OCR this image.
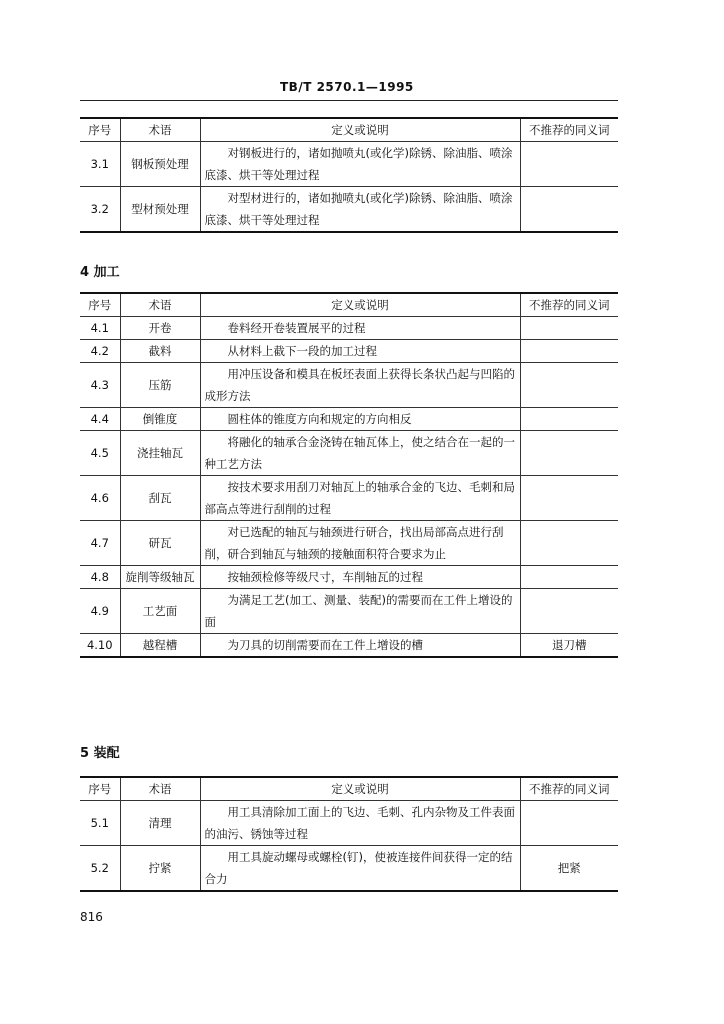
TB/T 2570.1—1995
序号	术语	定义或说明	不推荐的同义词
3.1	钢板预处理	对钢板进行的，诸如抛喷丸(或化学)除锈、除油脂、喷涂底漆、烘干等处理过程	
3.2	型材预处理	对型材进行的，诸如抛喷丸(或化学)除锈、除油脂、喷涂底漆、烘干等处理过程	
4 加工
序号	术语	定义或说明	不推荐的同义词
4.1	开卷	卷料经开卷装置展平的过程	
4.2	截料	从材料上截下一段的加工过程	
4.3	压筋	用冲压设备和模具在板坯表面上获得长条状凸起与凹陷的成形方法	
4.4	倒锥度	圆柱体的锥度方向和规定的方向相反	
4.5	浇挂轴瓦	将融化的轴承合金浇铸在轴瓦体上，使之结合在一起的一种工艺方法	
4.6	刮瓦	按技术要求用刮刀对轴瓦上的轴承合金的飞边、毛刺和局部高点等进行刮削的过程	
4.7	研瓦	对已选配的轴瓦与轴颈进行研合，找出局部高点进行刮削，研合到轴瓦与轴颈的接触面积符合要求为止	
4.8	旋削等级轴瓦	按轴颈检修等级尺寸，车削轴瓦的过程	
4.9	工艺面	为满足工艺(加工、测量、装配)的需要而在工件上增设的面	
4.10	越程槽	为刀具的切削需要而在工件上增设的槽	退刀槽
5 装配
序号	术语	定义或说明	不推荐的同义词
5.1	清理	用工具清除加工面上的飞边、毛刺、孔内杂物及工件表面的油污、锈蚀等过程	
5.2	拧紧	用工具旋动螺母或螺栓(钉)，使被连接件间获得一定的结合力	把紧
816
